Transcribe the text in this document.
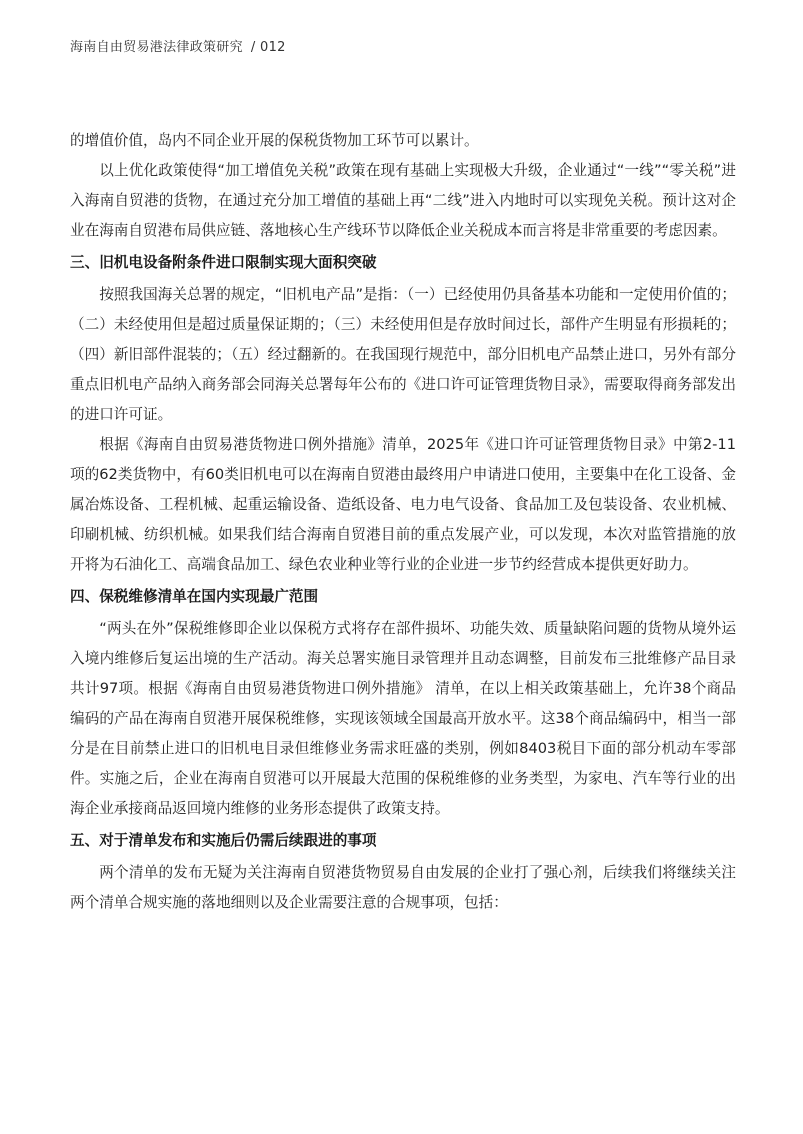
海南自由贸易港法律政策研究 / 012

的增值价值，岛内不同企业开展的保税货物加工环节可以累计。

以上优化政策使得“加工增值免关税”政策在现有基础上实现极大升级，企业通过“一线”“零关税”进入海南自贸港的货物，在通过充分加工增值的基础上再“二线”进入内地时可以实现免关税。预计这对企业在海南自贸港布局供应链、落地核心生产线环节以降低企业关税成本而言将是非常重要的考虑因素。

三、旧机电设备附条件进口限制实现大面积突破

按照我国海关总署的规定，“旧机电产品”是指：（一）已经使用仍具备基本功能和一定使用价值的；（二）未经使用但是超过质量保证期的；（三）未经使用但是存放时间过长，部件产生明显有形损耗的；（四）新旧部件混装的；（五）经过翻新的。在我国现行规范中，部分旧机电产品禁止进口，另外有部分重点旧机电产品纳入商务部会同海关总署每年公布的《进口许可证管理货物目录》，需要取得商务部发出的进口许可证。

根据《海南自由贸易港货物进口例外措施》清单，2025年《进口许可证管理货物目录》中第2-11项的62类货物中，有60类旧机电可以在海南自贸港由最终用户申请进口使用，主要集中在化工设备、金属冶炼设备、工程机械、起重运输设备、造纸设备、电力电气设备、食品加工及包装设备、农业机械、印刷机械、纺织机械。如果我们结合海南自贸港目前的重点发展产业，可以发现，本次对监管措施的放开将为石油化工、高端食品加工、绿色农业种业等行业的企业进一步节约经营成本提供更好助力。

四、保税维修清单在国内实现最广范围

“两头在外”保税维修即企业以保税方式将存在部件损坏、功能失效、质量缺陷问题的货物从境外运入境内维修后复运出境的生产活动。海关总署实施目录管理并且动态调整，目前发布三批维修产品目录共计97项。根据《海南自由贸易港货物进口例外措施》 清单，在以上相关政策基础上，允许38个商品编码的产品在海南自贸港开展保税维修，实现该领域全国最高开放水平。这38个商品编码中，相当一部分是在目前禁止进口的旧机电目录但维修业务需求旺盛的类别，例如8403税目下面的部分机动车零部件。实施之后，企业在海南自贸港可以开展最大范围的保税维修的业务类型，为家电、汽车等行业的出海企业承接商品返回境内维修的业务形态提供了政策支持。

五、对于清单发布和实施后仍需后续跟进的事项

两个清单的发布无疑为关注海南自贸港货物贸易自由发展的企业打了强心剂，后续我们将继续关注两个清单合规实施的落地细则以及企业需要注意的合规事项，包括：
